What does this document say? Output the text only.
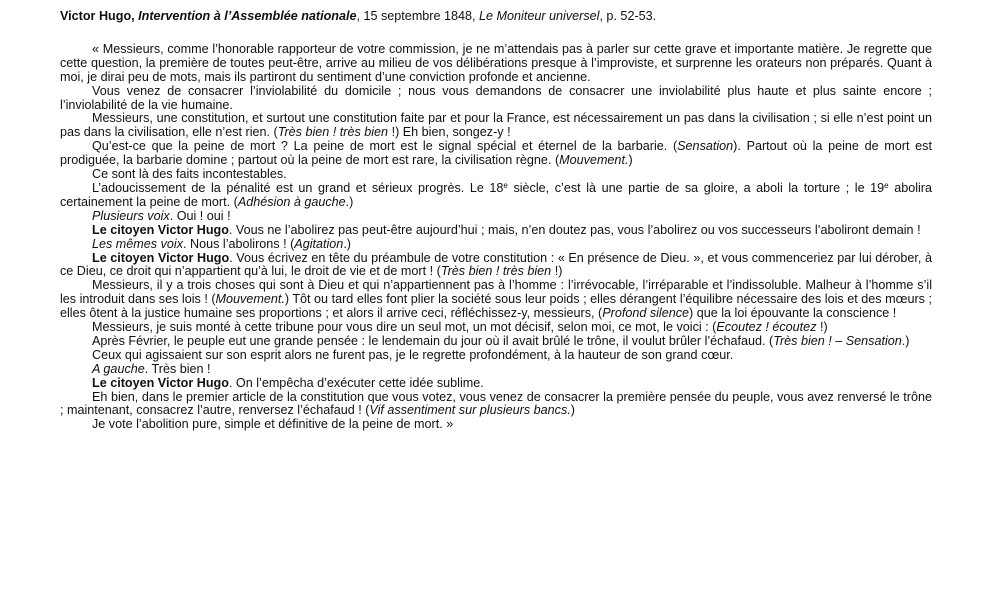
Victor Hugo, Intervention à l’Assemblée nationale, 15 septembre 1848, Le Moniteur universel, p. 52-53.

« Messieurs, comme l’honorable rapporteur de votre commission, je ne m’attendais pas à parler sur cette grave et importante matière. Je regrette que cette question, la première de toutes peut-être, arrive au milieu de vos délibérations presque à l’improviste, et surprenne les orateurs non préparés. Quant à moi, je dirai peu de mots, mais ils partiront du sentiment d’une conviction profonde et ancienne.

Vous venez de consacrer l’inviolabilité du domicile ; nous vous demandons de consacrer une inviolabilité plus haute et plus sainte encore ; l’inviolabilité de la vie humaine.

Messieurs, une constitution, et surtout une constitution faite par et pour la France, est nécessairement un pas dans la civilisation ; si elle n’est point un pas dans la civilisation, elle n’est rien. (Très bien ! très bien !) Eh bien, songez-y !

Qu’est-ce que la peine de mort ? La peine de mort est le signal spécial et éternel de la barbarie. (Sensation). Partout où la peine de mort est prodiguée, la barbarie domine ; partout où la peine de mort est rare, la civilisation règne. (Mouvement.)

Ce sont là des faits incontestables.

L’adoucissement de la pénalité est un grand et sérieux progrès. Le 18e siècle, c’est là une partie de sa gloire, a aboli la torture ; le 19e abolira certainement la peine de mort. (Adhésion à gauche.)

Plusieurs voix. Oui ! oui !

Le citoyen Victor Hugo. Vous ne l’abolirez pas peut-être aujourd’hui ; mais, n’en doutez pas, vous l’abolirez ou vos successeurs l’aboliront demain !

Les mêmes voix. Nous l’abolirons ! (Agitation.)

Le citoyen Victor Hugo. Vous écrivez en tête du préambule de votre constitution : « En présence de Dieu. », et vous commenceriez par lui dérober, à ce Dieu, ce droit qui n’appartient qu’à lui, le droit de vie et de mort ! (Très bien ! très bien !)

Messieurs, il y a trois choses qui sont à Dieu et qui n’appartiennent pas à l’homme : l’irrévocable, l’irréparable et l’indissoluble. Malheur à l’homme s’il les introduit dans ses lois ! (Mouvement.) Tôt ou tard elles font plier la société sous leur poids ; elles dérangent l’équilibre nécessaire des lois et des mœurs ; elles ôtent à la justice humaine ses proportions ; et alors il arrive ceci, réfléchissez-y, messieurs, (Profond silence) que la loi épouvante la conscience !

Messieurs, je suis monté à cette tribune pour vous dire un seul mot, un mot décisif, selon moi, ce mot, le voici : (Ecoutez ! écoutez !)

Après Février, le peuple eut une grande pensée : le lendemain du jour où il avait brûlé le trône, il voulut brûler l’échafaud. (Très bien ! – Sensation.)

Ceux qui agissaient sur son esprit alors ne furent pas, je le regrette profondément, à la hauteur de son grand cœur.

A gauche. Très bien !

Le citoyen Victor Hugo. On l’empêcha d’exécuter cette idée sublime.

Eh bien, dans le premier article de la constitution que vous votez, vous venez de consacrer la première pensée du peuple, vous avez renversé le trône ; maintenant, consacrez l’autre, renversez l’échafaud ! (Vif assentiment sur plusieurs bancs.)

Je vote l’abolition pure, simple et définitive de la peine de mort. »
